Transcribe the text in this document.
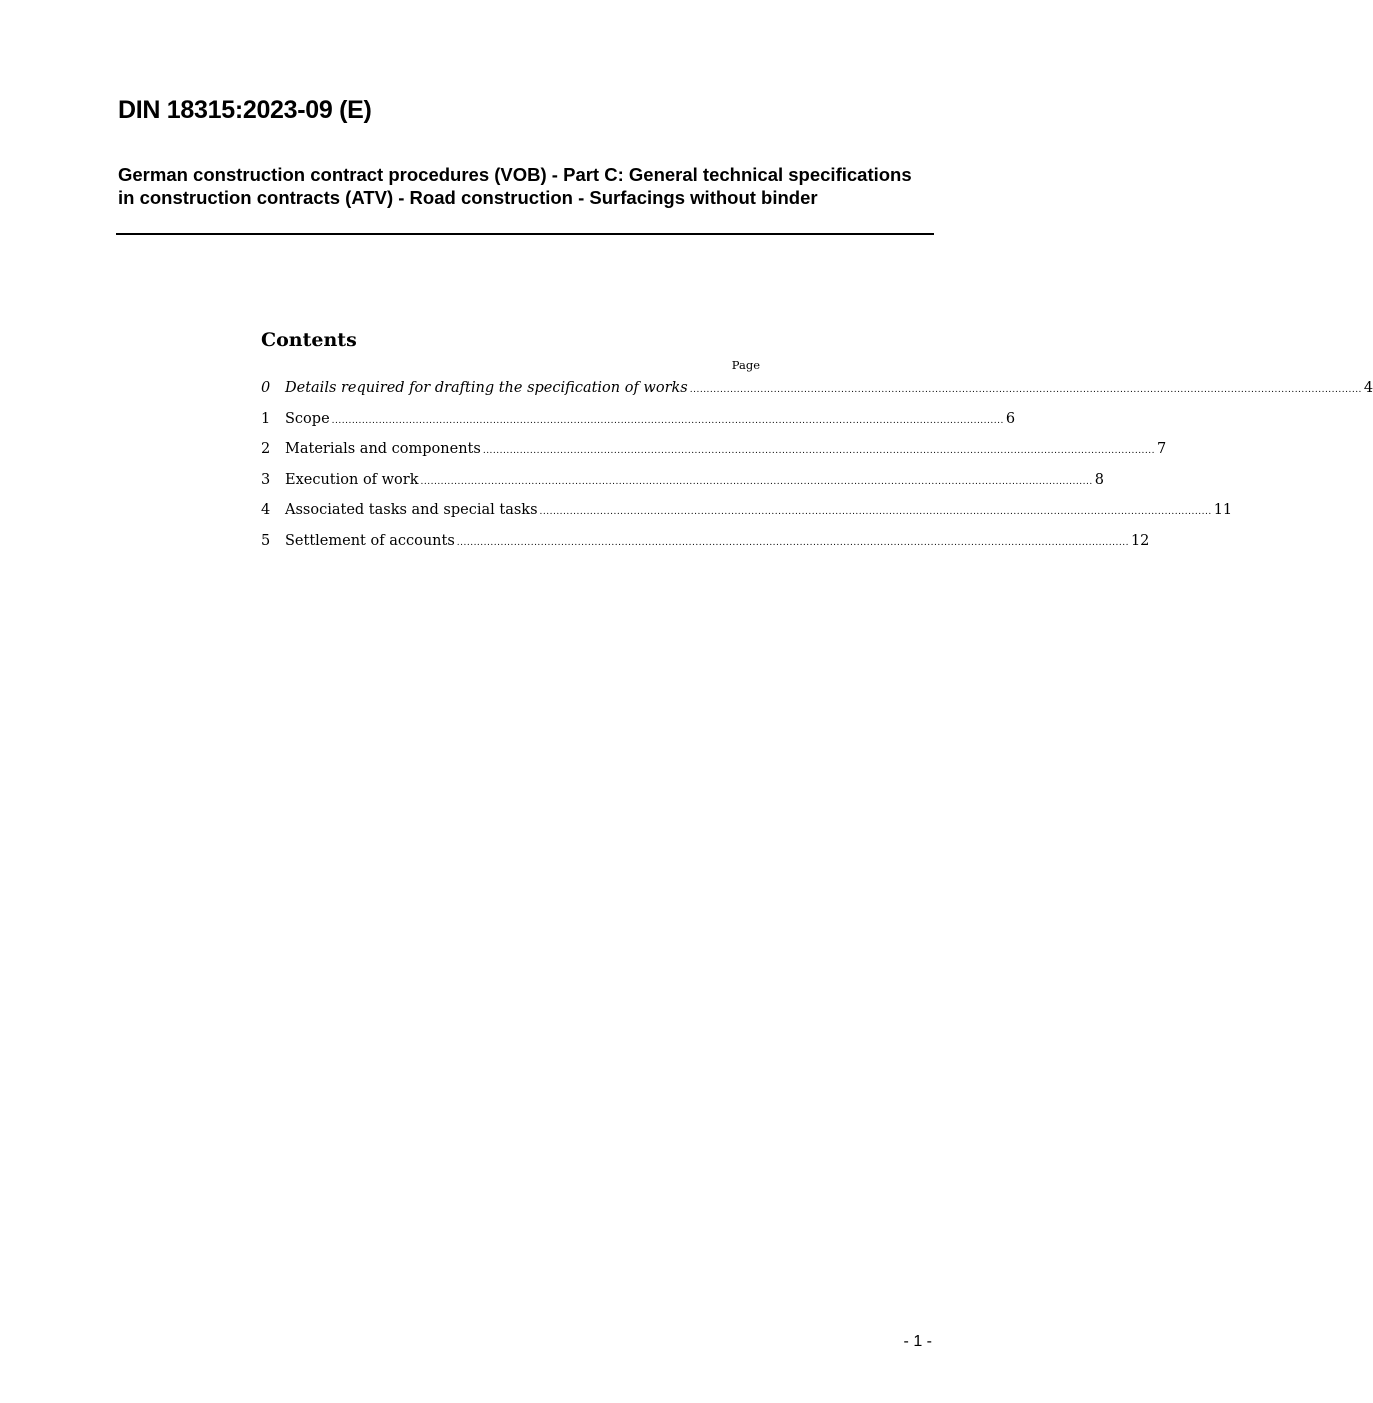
DIN 18315:2023-09 (E)
German construction contract procedures (VOB) - Part C: General technical specifications in construction contracts (ATV) - Road construction - Surfacings without binder
Contents
Page
0	Details required for drafting the specification of works ........................................................................................................................................................................................................ 4
1	Scope ........................................................................................................................................................................................................ 6
2	Materials and components ........................................................................................................................................................................................................ 7
3	Execution of work ........................................................................................................................................................................................................ 8
4	Associated tasks and special tasks ........................................................................................................................................................................................................ 11
5	Settlement of accounts ........................................................................................................................................................................................................ 12
- 1 -
